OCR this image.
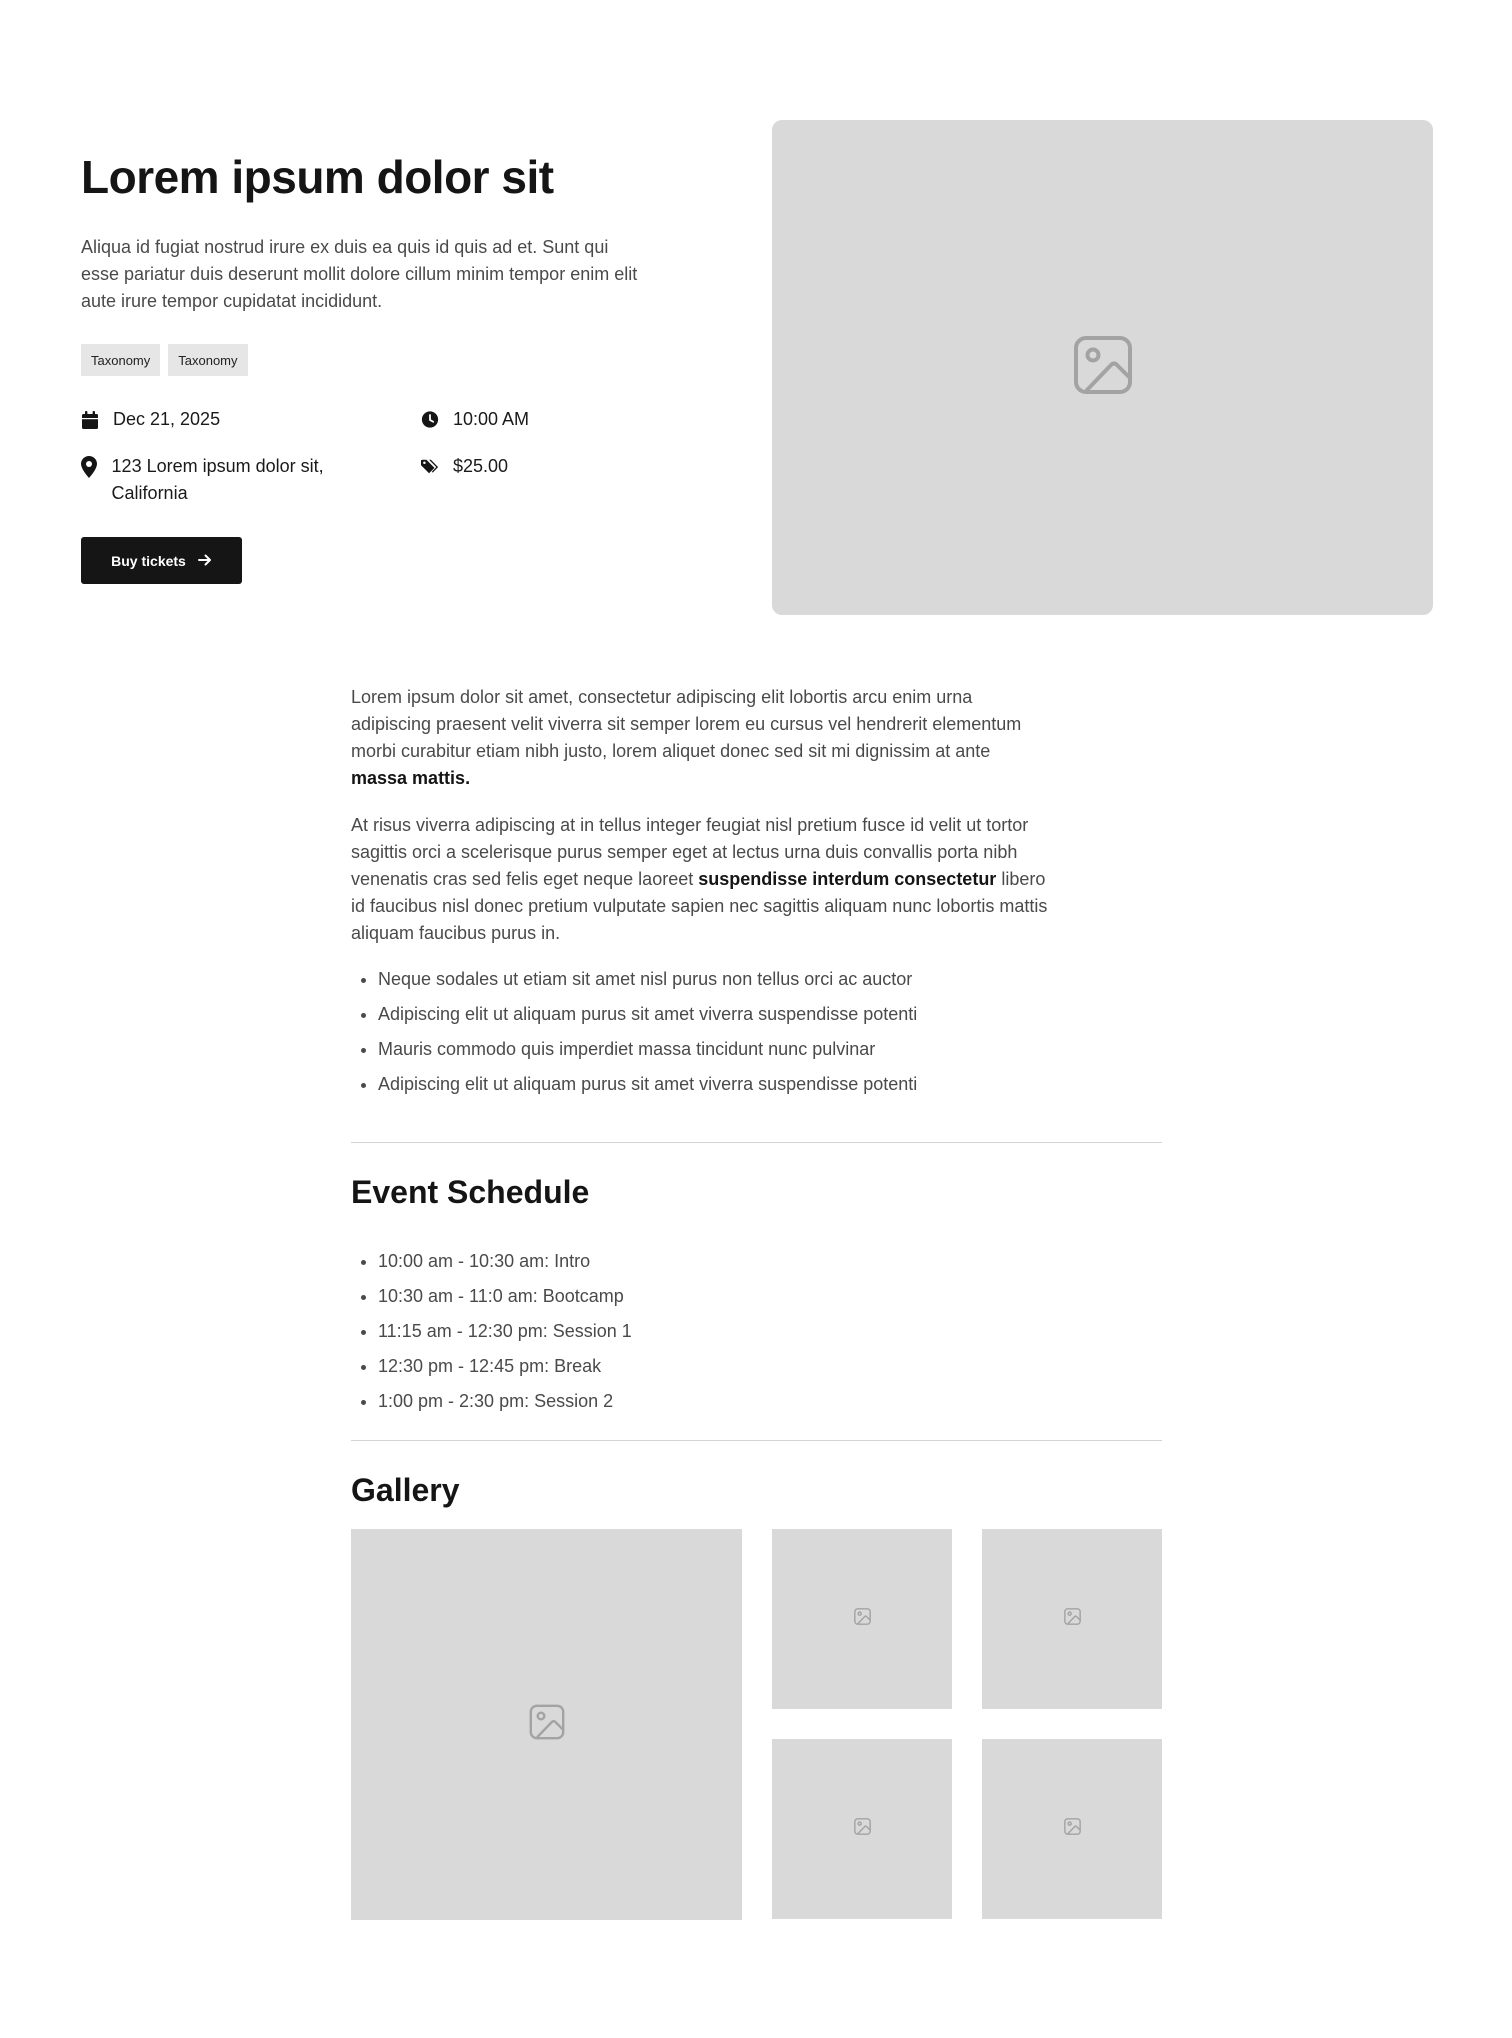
Lorem ipsum dolor sit

Aliqua id fugiat nostrud irure ex duis ea quis id quis ad et. Sunt qui esse pariatur duis deserunt mollit dolore cillum minim tempor enim elit aute irure tempor cupidatat incididunt.

Taxonomy	Taxonomy
Dec 21, 2025	10:00 AM
123 Lorem ipsum dolor sit, California
$25.00
Buy tickets

Lorem ipsum dolor sit amet, consectetur adipiscing elit lobortis arcu enim urna adipiscing praesent velit viverra sit semper lorem eu cursus vel hendrerit elementum morbi curabitur etiam nibh justo, lorem aliquet donec sed sit mi dignissim at ante massa mattis.

At risus viverra adipiscing at in tellus integer feugiat nisl pretium fusce id velit ut tortor sagittis orci a scelerisque purus semper eget at lectus urna duis convallis porta nibh venenatis cras sed felis eget neque laoreet suspendisse interdum consectetur libero id faucibus nisl donec pretium vulputate sapien nec sagittis aliquam nunc lobortis mattis aliquam faucibus purus in.

Neque sodales ut etiam sit amet nisl purus non tellus orci ac auctor
Adipiscing elit ut aliquam purus sit amet viverra suspendisse potenti
Mauris commodo quis imperdiet massa tincidunt nunc pulvinar
Adipiscing elit ut aliquam purus sit amet viverra suspendisse potenti
Event Schedule
10:00 am - 10:30 am: Intro
10:30 am - 11:0 am: Bootcamp
11:15 am - 12:30 pm: Session 1
12:30 pm - 12:45 pm: Break
1:00 pm - 2:30 pm: Session 2
Gallery
